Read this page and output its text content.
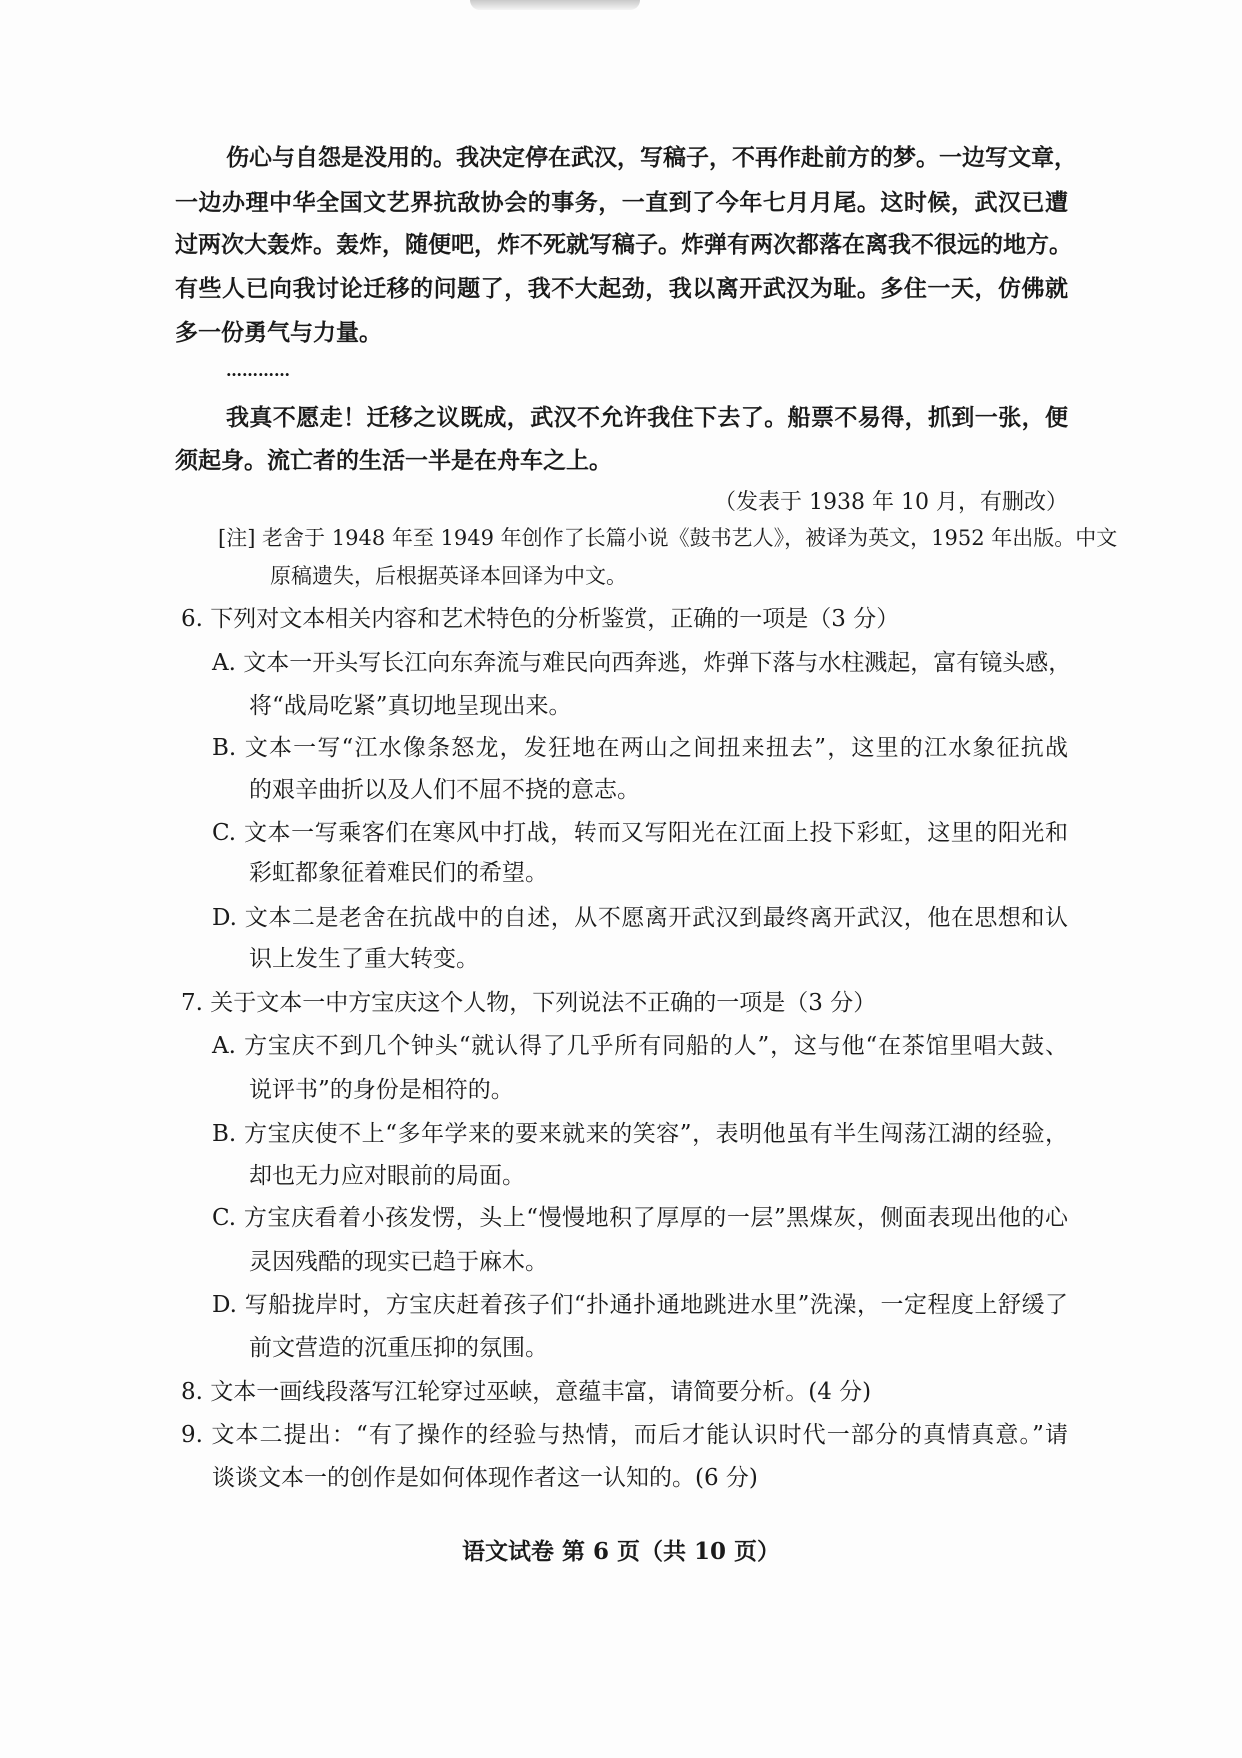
伤心与自怨是没用的。我决定停在武汉，写稿子，不再作赴前方的梦。一边写文章，
一边办理中华全国文艺界抗敌协会的事务，一直到了今年七月月尾。这时候，武汉已遭
过两次大轰炸。轰炸，随便吧，炸不死就写稿子。炸弹有两次都落在离我不很远的地方。
有些人已向我讨论迁移的问题了，我不大起劲，我以离开武汉为耻。多住一天，仿佛就
多一份勇气与力量。
…………
我真不愿走！迁移之议既成，武汉不允许我住下去了。船票不易得，抓到一张，便
须起身。流亡者的生活一半是在舟车之上。
（发表于 1938 年 10 月，有删改）
[注] 老舍于 1948 年至 1949 年创作了长篇小说《鼓书艺人》，被译为英文，1952 年出版。中文
原稿遗失，后根据英译本回译为中文。
6. 下列对文本相关内容和艺术特色的分析鉴赏，正确的一项是（3 分）
A. 文本一开头写长江向东奔流与难民向西奔逃，炸弹下落与水柱溅起，富有镜头感，
将“战局吃紧”真切地呈现出来。
B. 文本一写“江水像条怒龙，发狂地在两山之间扭来扭去”，这里的江水象征抗战
的艰辛曲折以及人们不屈不挠的意志。
C. 文本一写乘客们在寒风中打战，转而又写阳光在江面上投下彩虹，这里的阳光和
彩虹都象征着难民们的希望。
D. 文本二是老舍在抗战中的自述，从不愿离开武汉到最终离开武汉，他在思想和认
识上发生了重大转变。
7. 关于文本一中方宝庆这个人物，下列说法不正确的一项是（3 分）
A. 方宝庆不到几个钟头“就认得了几乎所有同船的人”，这与他“在茶馆里唱大鼓、
说评书”的身份是相符的。
B. 方宝庆使不上“多年学来的要来就来的笑容”，表明他虽有半生闯荡江湖的经验，
却也无力应对眼前的局面。
C. 方宝庆看着小孩发愣，头上“慢慢地积了厚厚的一层”黑煤灰，侧面表现出他的心
灵因残酷的现实已趋于麻木。
D. 写船拢岸时，方宝庆赶着孩子们“扑通扑通地跳进水里”洗澡，一定程度上舒缓了
前文营造的沉重压抑的氛围。
8. 文本一画线段落写江轮穿过巫峡，意蕴丰富，请简要分析。(4 分)
9. 文本二提出：“有了操作的经验与热情，而后才能认识时代一部分的真情真意。”请
谈谈文本一的创作是如何体现作者这一认知的。(6 分)
语文试卷 第 6 页（共 10 页）
